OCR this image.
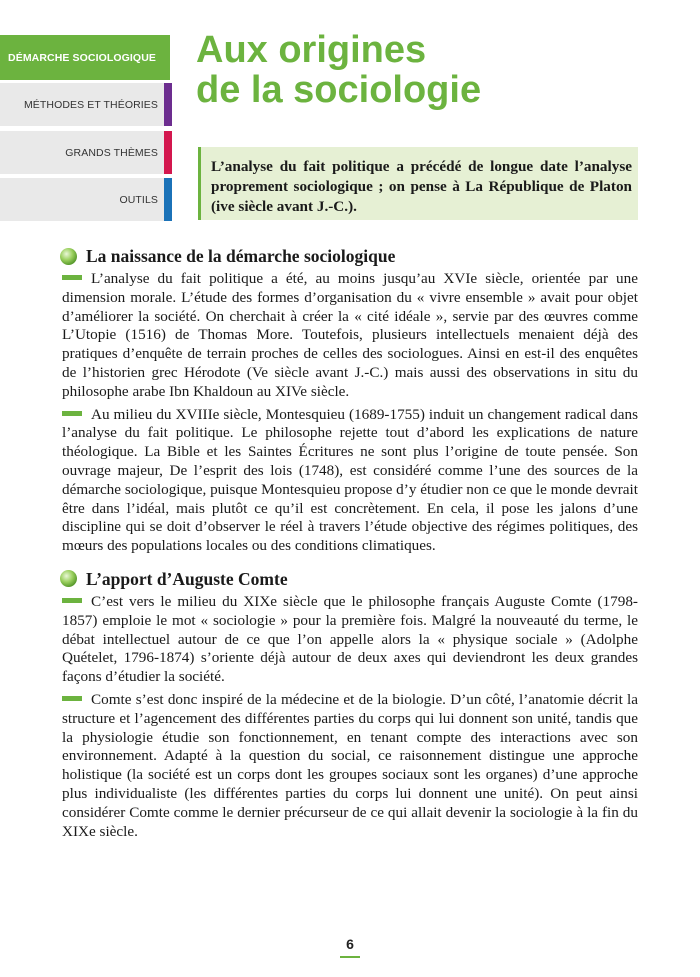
DÉMARCHE SOCIOLOGIQUE
MÉTHODES ET THÉORIES
GRANDS THÈMES
OUTILS
Aux origines
de la sociologie
L’analyse du fait politique a précédé de longue date l’analyse proprement sociologique ; on pense à La République de Platon (ive siècle avant J.-C.).
La naissance de la démarche sociologique

L’analyse du fait politique a été, au moins jusqu’au XVIe siècle, orientée par une dimension morale. L’étude des formes d’organisation du « vivre ensemble » avait pour objet d’améliorer la société. On cherchait à créer la « cité idéale », servie par des œuvres comme L’Utopie (1516) de Thomas More. Toutefois, plusieurs intellectuels menaient déjà des pratiques d’enquête de terrain proches de celles des sociologues. Ainsi en est-il des enquêtes de l’historien grec Hérodote (Ve siècle avant J.-C.) mais aussi des observations in situ du philosophe arabe Ibn Khaldoun au XIVe siècle.

Au milieu du XVIIIe siècle, Montesquieu (1689-1755) induit un changement radical dans l’analyse du fait politique. Le philosophe rejette tout d’abord les explications de nature théologique. La Bible et les Saintes Écritures ne sont plus l’origine de toute pensée. Son ouvrage majeur, De l’esprit des lois (1748), est considéré comme l’une des sources de la démarche sociologique, puisque Montesquieu propose d’y étudier non ce que le monde devrait être dans l’idéal, mais plutôt ce qu’il est concrètement. En cela, il pose les jalons d’une discipline qui se doit d’observer le réel à travers l’étude objective des régimes politiques, des mœurs des populations locales ou des conditions climatiques.

L’apport d’Auguste Comte

C’est vers le milieu du XIXe siècle que le philosophe français Auguste Comte (1798-1857) emploie le mot « sociologie » pour la première fois. Malgré la nouveauté du terme, le débat intellectuel autour de ce que l’on appelle alors la « physique sociale » (Adolphe Quételet, 1796-1874) s’oriente déjà autour de deux axes qui deviendront les deux grandes façons d’étudier la société.

Comte s’est donc inspiré de la médecine et de la biologie. D’un côté, l’anatomie décrit la structure et l’agencement des différentes parties du corps qui lui donnent son unité, tandis que la physiologie étudie son fonctionnement, en tenant compte des interactions avec son environnement. Adapté à la question du social, ce raisonnement distingue une approche holistique (la société est un corps dont les groupes sociaux sont les organes) d’une approche plus individualiste (les différentes parties du corps lui donnent une unité). On peut ainsi considérer Comte comme le dernier précurseur de ce qui allait devenir la sociologie à la fin du XIXe siècle.

6
